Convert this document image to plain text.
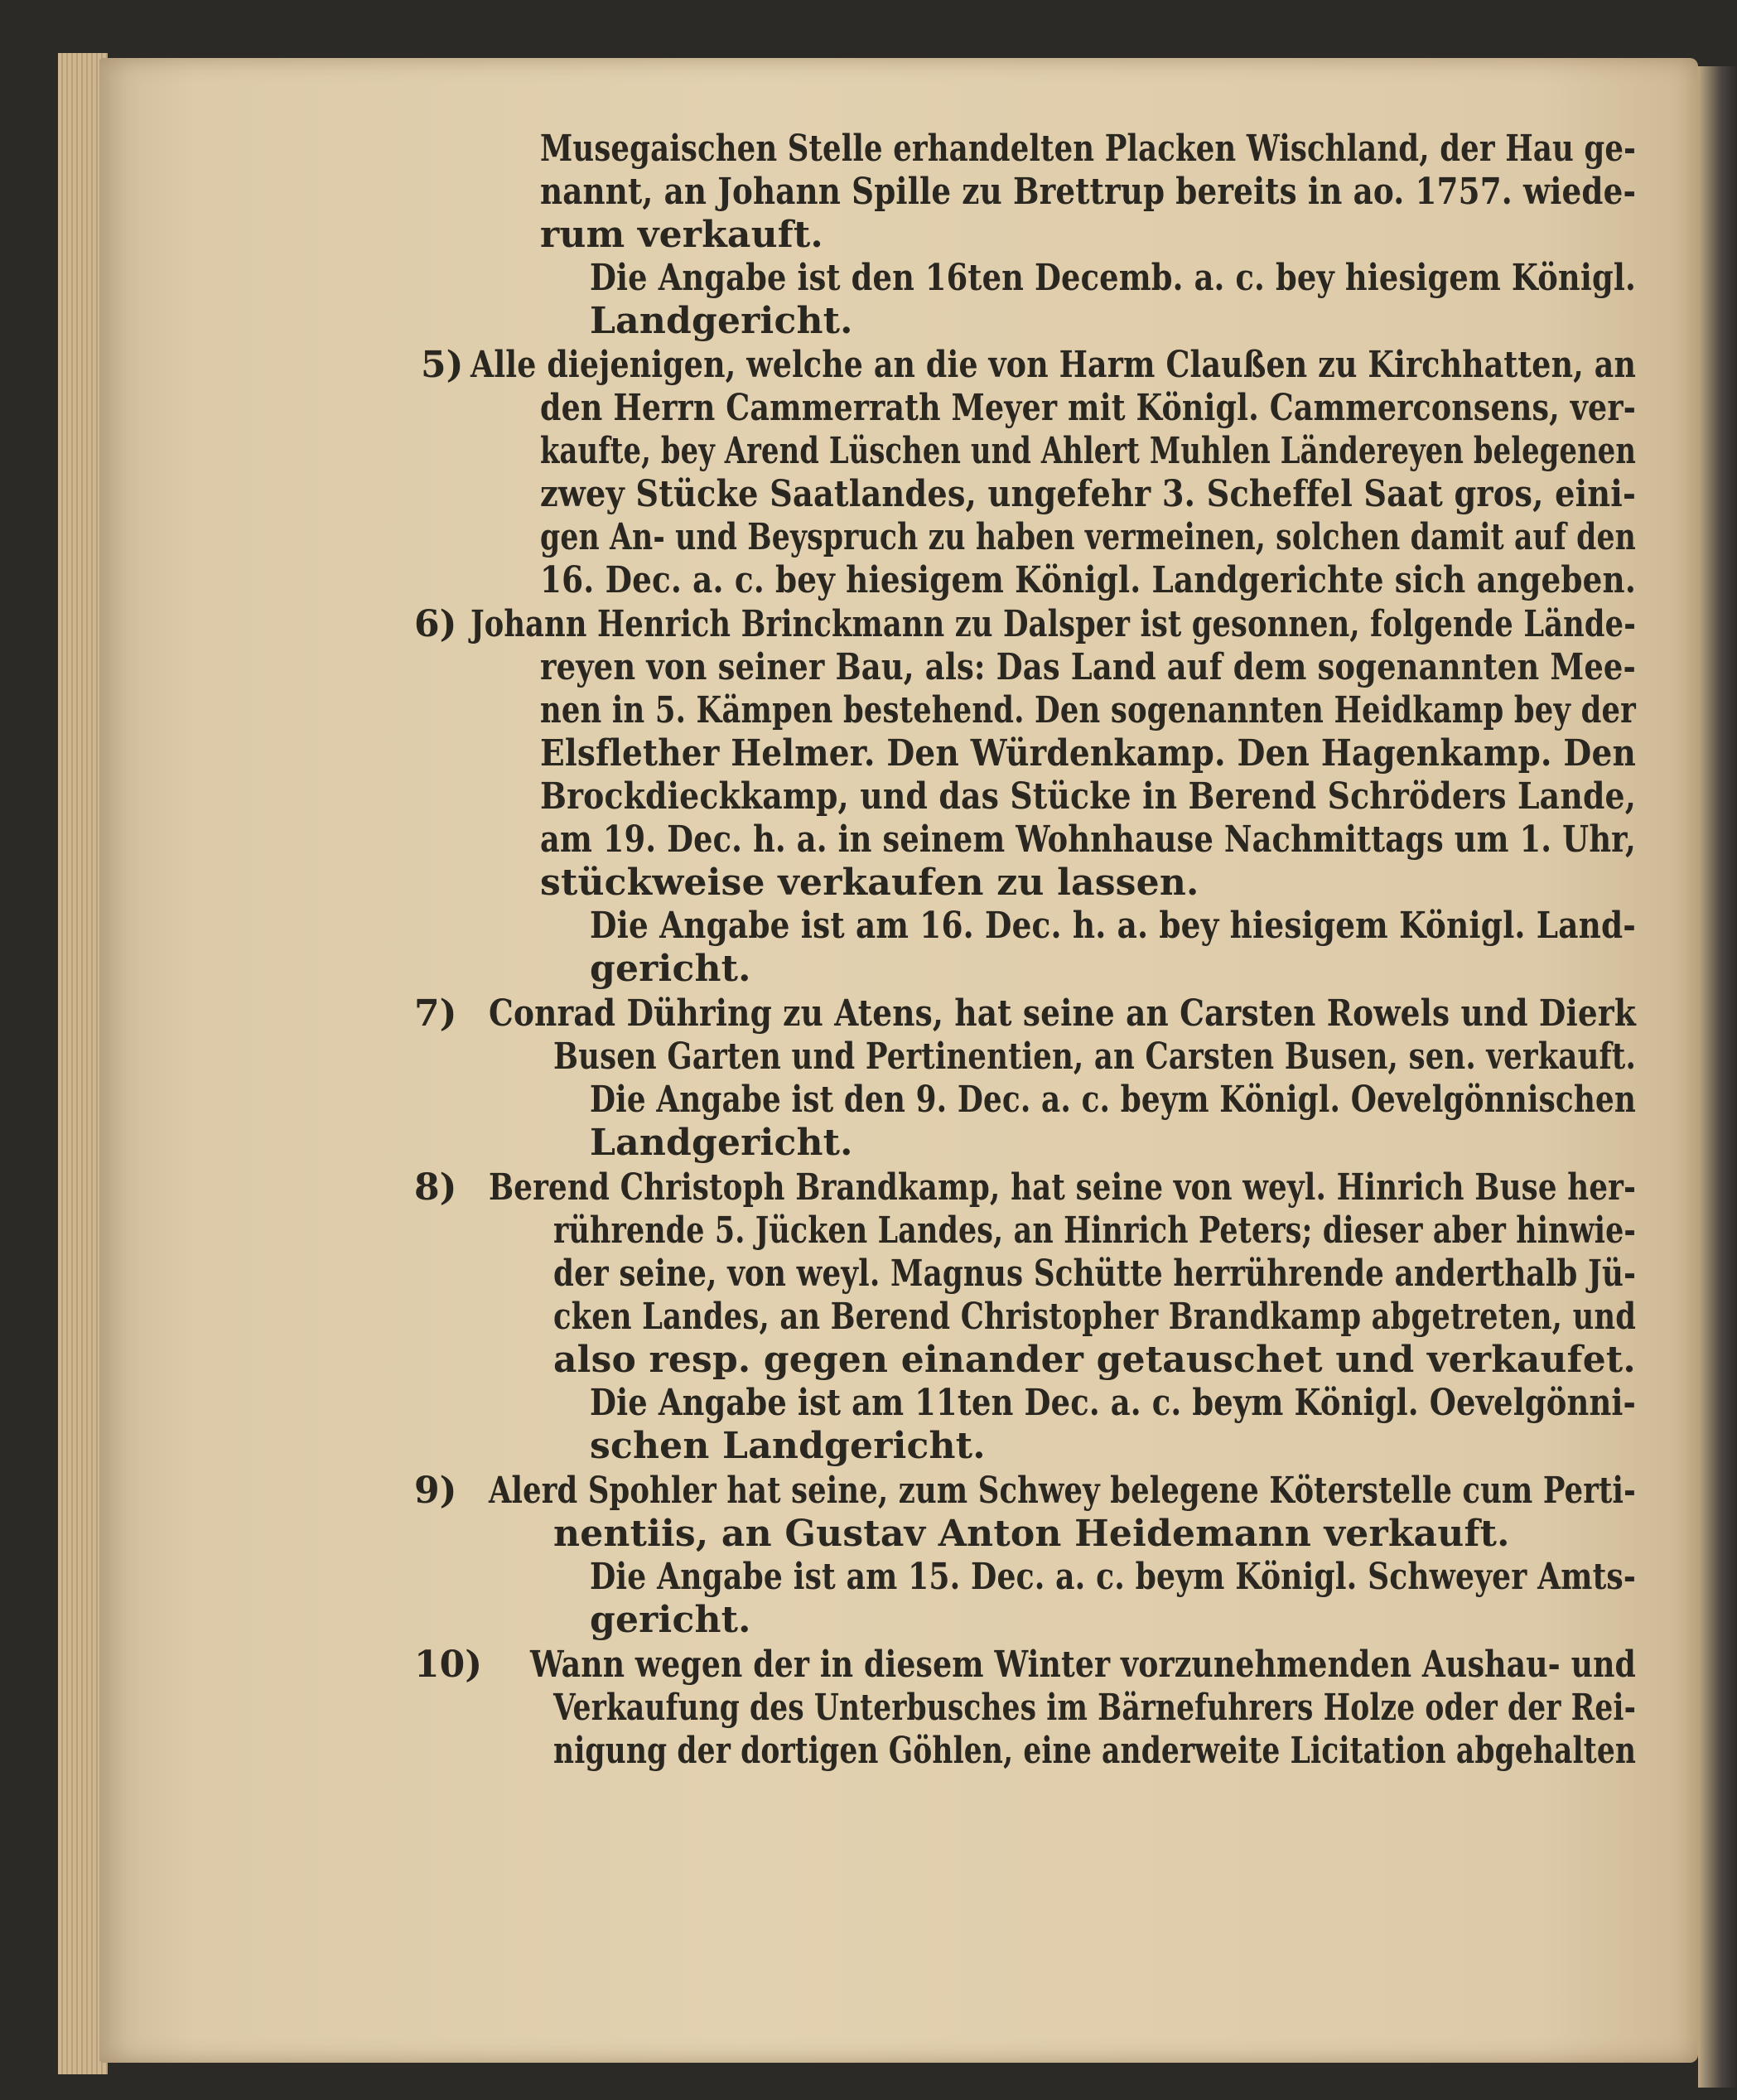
Musegaischen Stelle erhandelten Placken Wischland, der Hau ge-
nannt, an Johann Spille zu Brettrup bereits in ao. 1757. wiede-
rum verkauft.
Die Angabe ist den 16ten Decemb. a. c. bey hiesigem Königl.
Landgericht.
5) Alle diejenigen, welche an die von Harm Claußen zu Kirchhatten, an
den Herrn Cammerrath Meyer mit Königl. Cammerconsens, ver-
kaufte, bey Arend Lüschen und Ahlert Muhlen Ländereyen belegenen
zwey Stücke Saatlandes, ungefehr 3. Scheffel Saat gros, eini-
gen An- und Beyspruch zu haben vermeinen, solchen damit auf den
16. Dec. a. c. bey hiesigem Königl. Landgerichte sich angeben.
6) Johann Henrich Brinckmann zu Dalsper ist gesonnen, folgende Lände-
reyen von seiner Bau, als: Das Land auf dem sogenannten Mee-
nen in 5. Kämpen bestehend. Den sogenannten Heidkamp bey der
Elsflether Helmer. Den Würdenkamp. Den Hagenkamp. Den
Brockdieckkamp, und das Stücke in Berend Schröders Lande,
am 19. Dec. h. a. in seinem Wohnhause Nachmittags um 1. Uhr,
stückweise verkaufen zu lassen.
Die Angabe ist am 16. Dec. h. a. bey hiesigem Königl. Land-
gericht.
7) Conrad Dühring zu Atens, hat seine an Carsten Rowels und Dierk
Busen Garten und Pertinentien, an Carsten Busen, sen. verkauft.
Die Angabe ist den 9. Dec. a. c. beym Königl. Oevelgönnischen
Landgericht.
8) Berend Christoph Brandkamp, hat seine von weyl. Hinrich Buse her-
rührende 5. Jücken Landes, an Hinrich Peters; dieser aber hinwie-
der seine, von weyl. Magnus Schütte herrührende anderthalb Jü-
cken Landes, an Berend Christopher Brandkamp abgetreten, und
also resp. gegen einander getauschet und verkaufet.
Die Angabe ist am 11ten Dec. a. c. beym Königl. Oevelgönni-
schen Landgericht.
9) Alerd Spohler hat seine, zum Schwey belegene Köterstelle cum Perti-
nentiis, an Gustav Anton Heidemann verkauft.
Die Angabe ist am 15. Dec. a. c. beym Königl. Schweyer Amts-
gericht.
10) Wann wegen der in diesem Winter vorzunehmenden Aushau- und
Verkaufung des Unterbusches im Bärnefuhrers Holze oder der Rei-
nigung der dortigen Göhlen, eine anderweite Licitation abgehalten
